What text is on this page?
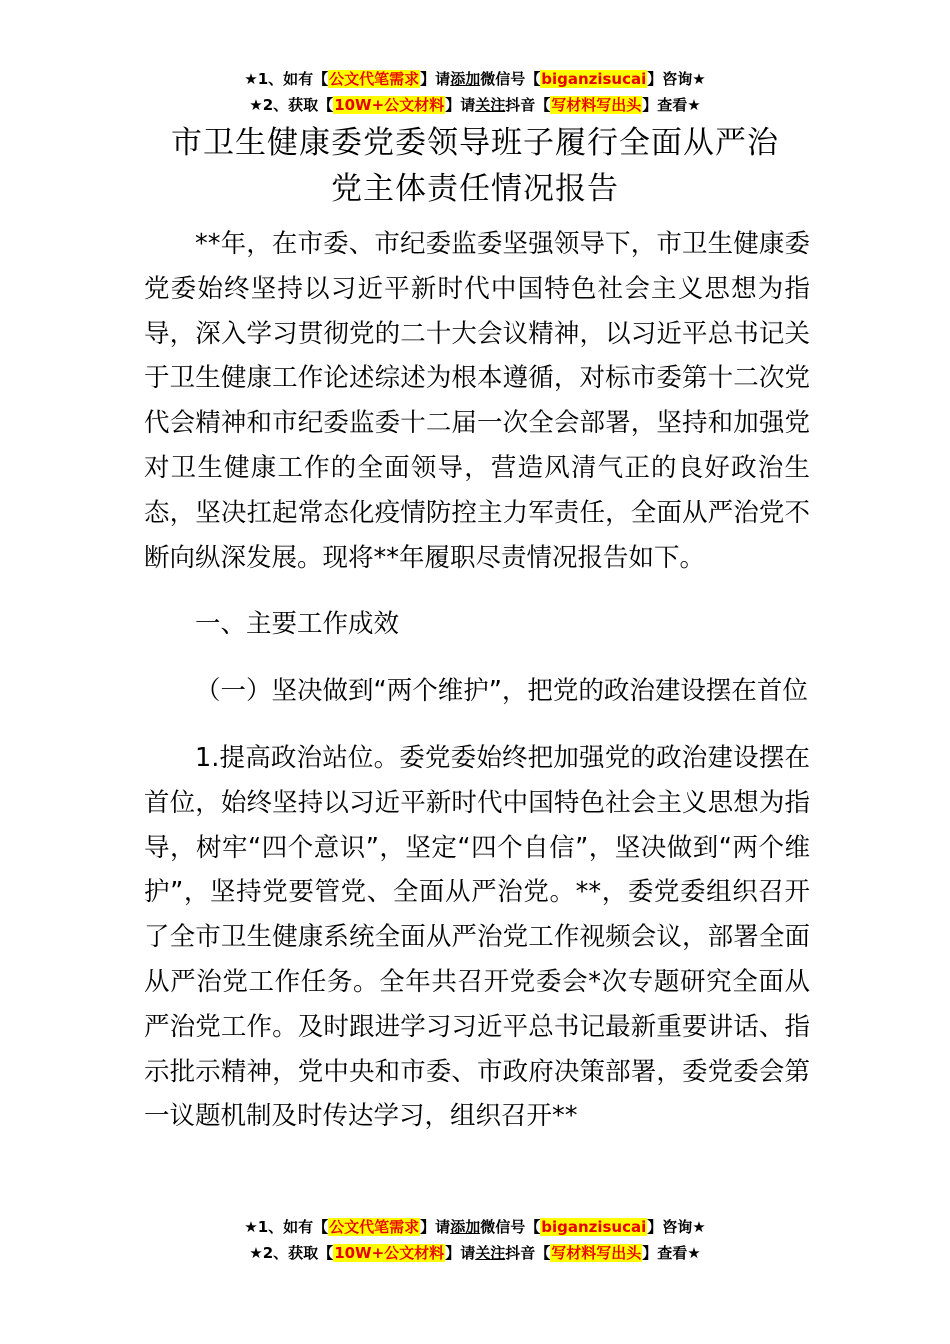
★1、如有【公文代笔需求】请添加微信号【biganzisucai】咨询★
★2、获取【10W+公文材料】请关注抖音【写材料写出头】查看★
市卫生健康委党委领导班子履行全面从严治
党主体责任情况报告

**年，在市委、市纪委监委坚强领导下，市卫生健康委党委始终坚持以习近平新时代中国特色社会主义思想为指导，深入学习贯彻党的二十大会议精神，以习近平总书记关于卫生健康工作论述综述为根本遵循，对标市委第十二次党代会精神和市纪委监委十二届一次全会部署，坚持和加强党对卫生健康工作的全面领导，营造风清气正的良好政治生态，坚决扛起常态化疫情防控主力军责任，全面从严治党不断向纵深发展。现将**年履职尽责情况报告如下。

一、主要工作成效

（一）坚决做到“两个维护”，把党的政治建设摆在首位

1.提高政治站位。委党委始终把加强党的政治建设摆在首位，始终坚持以习近平新时代中国特色社会主义思想为指导，树牢“四个意识”，坚定“四个自信”，坚决做到“两个维护”，坚持党要管党、全面从严治党。**，委党委组织召开了全市卫生健康系统全面从严治党工作视频会议，部署全面从严治党工作任务。全年共召开党委会*次专题研究全面从严治党工作。及时跟进学习习近平总书记最新重要讲话、指示批示精神，党中央和市委、市政府决策部署，委党委会第一议题机制及时传达学习，组织召开**

★1、如有【公文代笔需求】请添加微信号【biganzisucai】咨询★
★2、获取【10W+公文材料】请关注抖音【写材料写出头】查看★
